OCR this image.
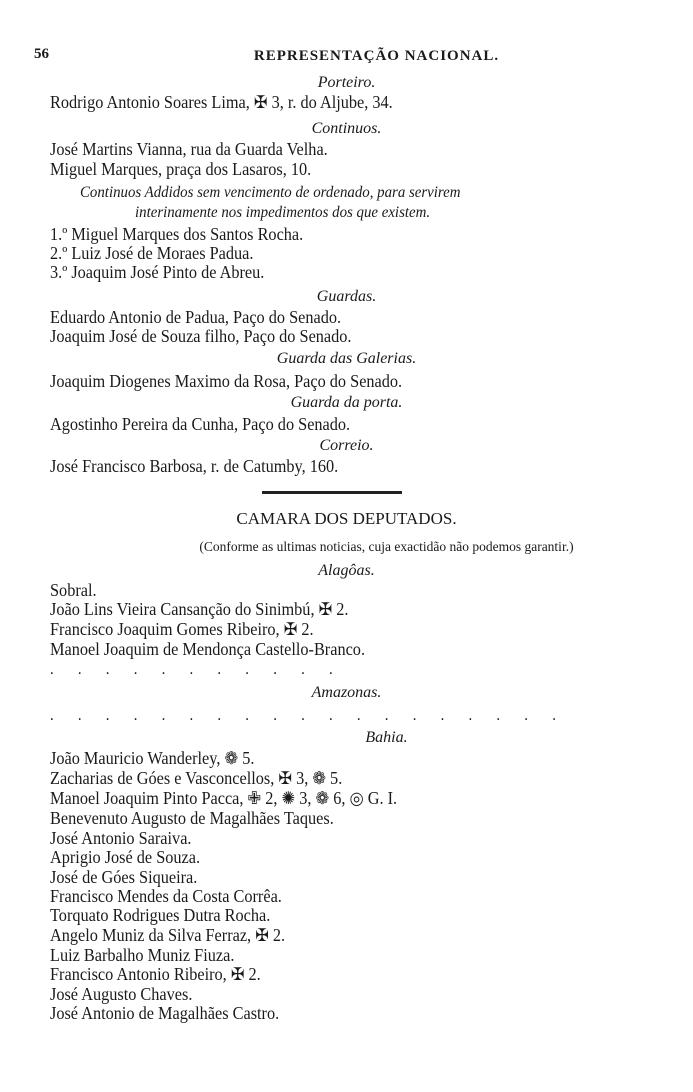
56	REPRESENTAÇÃO NACIONAL.
Porteiro.
Rodrigo Antonio Soares Lima, ✠ 3, r. do Aljube, 34.
Continuos.
José Martins Vianna, rua da Guarda Velha.
Miguel Marques, praça dos Lasaros, 10.
Continuos Addidos sem vencimento de ordenado, para servirem
interinamente nos impedimentos dos que existem.
1.º Miguel Marques dos Santos Rocha.
2.º Luiz José de Moraes Padua.
3.º Joaquim José Pinto de Abreu.
Guardas.
Eduardo Antonio de Padua, Paço do Senado.
Joaquim José de Souza filho, Paço do Senado.
Guarda das Galerias.
Joaquim Diogenes Maximo da Rosa, Paço do Senado.
Guarda da porta.
Agostinho Pereira da Cunha, Paço do Senado.
Correio.
José Francisco Barbosa, r. de Catumby, 160.
CAMARA DOS DEPUTADOS.
(Conforme as ultimas noticias, cuja exactidão não podemos garantir.)
Alagôas.
Sobral.
João Lins Vieira Cansanção do Sinimbú, ✠ 2.
Francisco Joaquim Gomes Ribeiro, ✠ 2.
Manoel Joaquim de Mendonça Castello-Branco.
. . . . . . . . . . .
Amazonas.
. . . . . . . . . . . . . . . . . . .
Bahia.
João Mauricio Wanderley, ❁ 5.
Zacharias de Góes e Vasconcellos, ✠ 3, ❁ 5.
Manoel Joaquim Pinto Pacca, ✙ 2, ✺ 3, ❁ 6, ◎ G. I.
Benevenuto Augusto de Magalhães Taques.
José Antonio Saraiva.
Aprigio José de Souza.
José de Góes Siqueira.
Francisco Mendes da Costa Corrêa.
Torquato Rodrigues Dutra Rocha.
Angelo Muniz da Silva Ferraz, ✠ 2.
Luiz Barbalho Muniz Fiuza.
Francisco Antonio Ribeiro, ✠ 2.
José Augusto Chaves.
José Antonio de Magalhães Castro.
